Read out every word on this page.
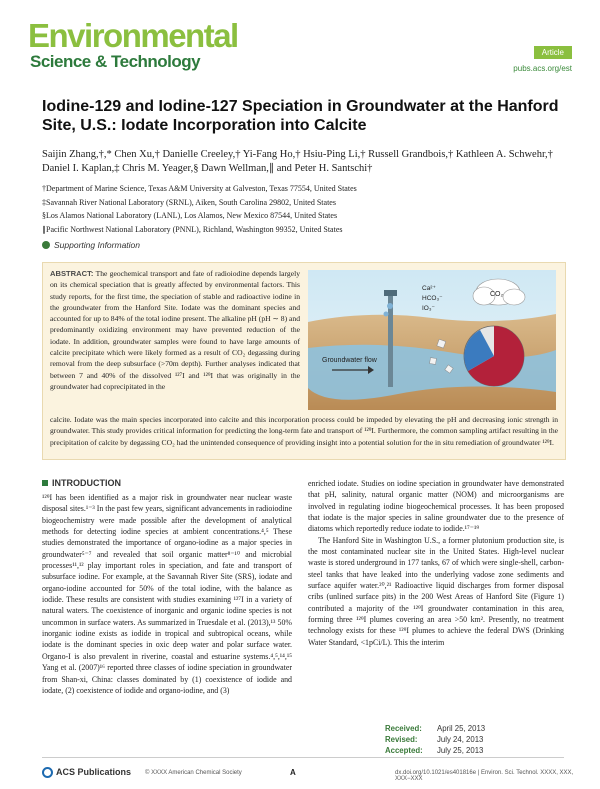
Environmental
Science & Technology	Article
pubs.acs.org/est
Iodine-129 and Iodine-127 Speciation in Groundwater at the Hanford Site, U.S.: Iodate Incorporation into Calcite
Saijin Zhang,†,* Chen Xu,† Danielle Creeley,† Yi-Fang Ho,† Hsiu-Ping Li,† Russell Grandbois,† Kathleen A. Schwehr,† Daniel I. Kaplan,‡ Chris M. Yeager,§ Dawn Wellman,∥ and Peter H. Santschi†
†Department of Marine Science, Texas A&M University at Galveston, Texas 77554, United States
‡Savannah River National Laboratory (SRNL), Aiken, South Carolina 29802, United States
§Los Alamos National Laboratory (LANL), Los Alamos, New Mexico 87544, United States
∥Pacific Northwest National Laboratory (PNNL), Richland, Washington 99352, United States
Supporting Information
ABSTRACT: The geochemical transport and fate of radioiodine depends largely on its chemical speciation that is greatly affected by environmental factors. This study reports, for the first time, the speciation of stable and radioactive iodine in the groundwater from the Hanford Site. Iodate was the dominant species and accounted for up to 84% of the total iodine present. The alkaline pH (pH ∼ 8) and predominantly oxidizing environment may have prevented reduction of the iodate. In addition, groundwater samples were found to have large amounts of calcite precipitate which were likely formed as a result of CO₂ degassing during removal from the deep subsurface (>70m depth). Further analyses indicated that between 7 and 40% of the dissolved ¹²⁷I and ¹²⁹I that was originally in the groundwater had coprecipitated in the
Groundwater flow
Ca²⁺
HCO₃⁻
IO₃⁻
CO₂
calcite. Iodate was the main species incorporated into calcite and this incorporation process could be impeded by elevating the pH and decreasing ionic strength in groundwater. This study provides critical information for predicting the long-term fate and transport of ¹²⁹I. Furthermore, the common sampling artifact resulting in the precipitation of calcite by degassing CO₂ had the unintended consequence of providing insight into a potential solution for the in situ remediation of groundwater ¹²⁹I.
INTRODUCTION

¹²⁹I has been identified as a major risk in groundwater near nuclear waste disposal sites.¹⁻³ In the past few years, significant advancements in radioiodine biogeochemistry were made possible after the development of analytical methods for detecting iodine species at ambient concentrations.⁴,⁵ These studies demonstrated the importance of organo-iodine as a major species in groundwater⁵⁻⁷ and revealed that soil organic matter⁸⁻¹⁰ and microbial processes¹¹,¹² play important roles in speciation, and fate and transport of subsurface iodine. For example, at the Savannah River Site (SRS), iodate and organo-iodine accounted for 50% of the total iodine, with the balance as iodide. These results are consistent with studies examining ¹²⁷I in a variety of natural waters. The coexistence of inorganic and organic iodine species is not uncommon in surface waters. As summarized in Truesdale et al. (2013),¹³ 50% inorganic iodine exists as iodide in tropical and subtropical oceans, while iodate is the dominant species in oxic deep water and polar surface water. Organo-I is also prevalent in riverine, coastal and estuarine systems.⁴,⁵,¹⁴,¹⁵ Yang et al. (2007)¹⁶ reported three classes of iodine speciation in groundwater from Shan-xi, China: classes dominated by (1) coexistence of iodide and iodate, (2) coexistence of iodide and organo-iodine, and (3)

enriched iodate. Studies on iodine speciation in groundwater have demonstrated that pH, salinity, natural organic matter (NOM) and microorganisms are involved in regulating iodine biogeochemical processes. It has been proposed that iodate is the major species in saline groundwater due to the presence of diatoms which reportedly reduce iodate to iodide.¹⁷⁻¹⁹

The Hanford Site in Washington U.S., a former plutonium production site, is the most contaminated nuclear site in the United States. High-level nuclear waste is stored underground in 177 tanks, 67 of which were single-shell, carbon-steel tanks that have leaked into the underlying vadose zone sediments and surface aquifer water.²⁰,²¹ Radioactive liquid discharges from former disposal cribs (unlined surface pits) in the 200 West Areas of Hanford Site (Figure 1) contributed a majority of the ¹²⁹I groundwater contamination in this area, forming three ¹²⁹I plumes covering an area >50 km². Presently, no treatment technology exists for these ¹²⁹I plumes to achieve the federal DWS (Drinking Water Standard, <1pCi/L). This the interim

Received: April 25, 2013
Revised: July 24, 2013
Accepted: July 25, 2013
ACS Publications © XXXX American Chemical Society	A	dx.doi.org/10.1021/es401816e | Environ. Sci. Technol. XXXX, XXX, XXX−XXX
